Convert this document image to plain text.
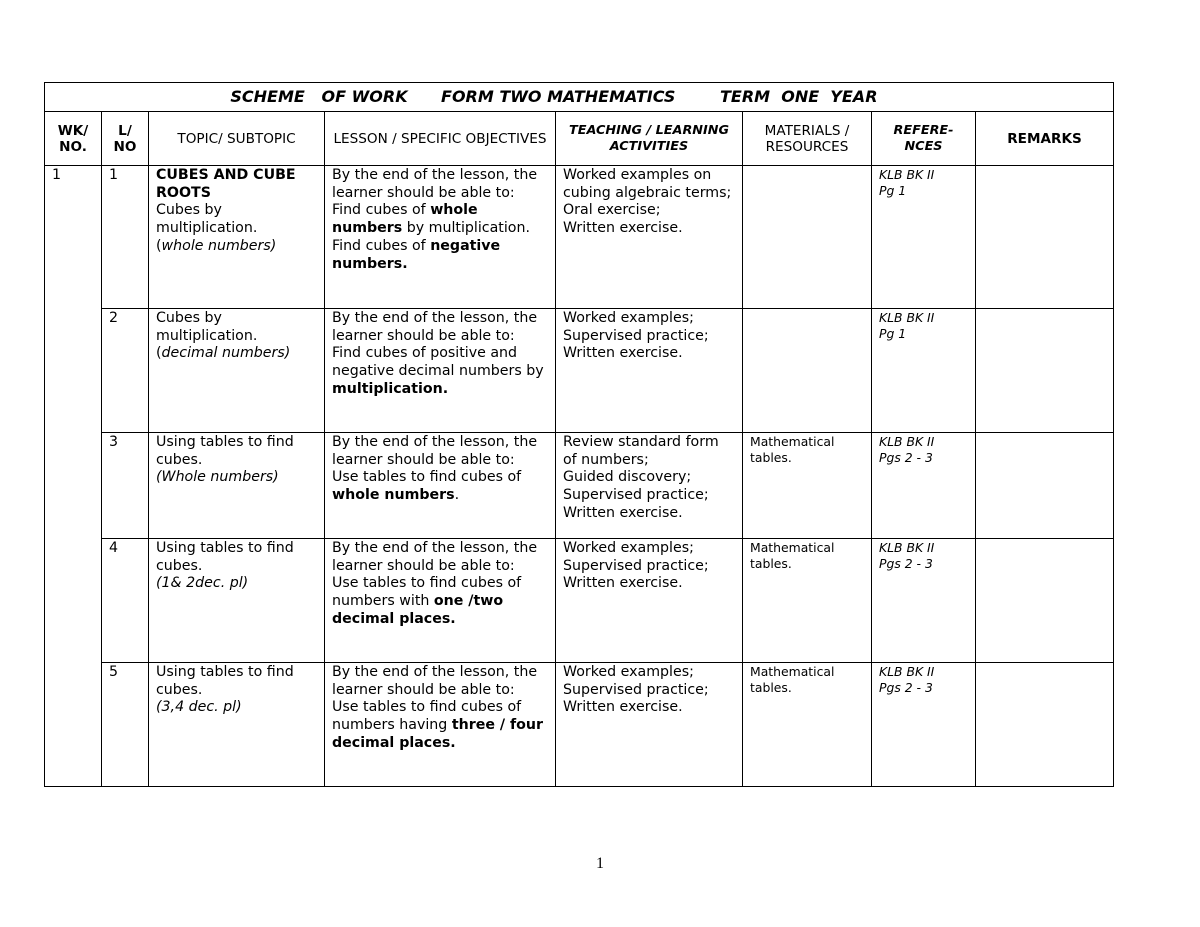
SCHEME   OF WORK FORM TWO MATHEMATICS TERM  ONE  YEAR							
WK/ NO.	L/ NO	TOPIC/ SUBTOPIC	LESSON / SPECIFIC OBJECTIVES	TEACHING / LEARNING ACTIVITIES	MATERIALS / RESOURCES	REFERE- NCES	REMARKS
1	1	CUBES AND CUBE ROOTS
Cubes by multiplication.
(whole numbers)	By the end of the lesson, the learner should be able to:
Find cubes of whole numbers by multiplication.
Find cubes of negative numbers.	Worked examples on cubing algebraic terms;
Oral exercise;
Written exercise.		KLB BK II
Pg 1	

	2	Cubes by multiplication.
(decimal numbers)	By the end of the lesson, the learner should be able to:
Find cubes of positive and negative decimal numbers by multiplication.	Worked examples;
Supervised practice;
Written exercise.		KLB BK II
Pg 1	

	3	Using tables to find cubes.
(Whole numbers)	By the end of the lesson, the learner should be able to:
Use tables to find cubes of whole numbers.	Review standard form of numbers;
Guided discovery;
Supervised practice;
Written exercise.	Mathematical tables.	KLB BK II
Pgs 2 - 3	

	4	Using tables to find cubes.
(1& 2dec. pl)	By the end of the lesson, the learner should be able to:
Use tables to find cubes of numbers with one /two decimal places.	Worked examples;
Supervised practice;
Written exercise.	Mathematical tables.	KLB BK II
Pgs 2 - 3	

	5	Using tables to find cubes.
(3,4 dec. pl)	By the end of the lesson, the learner should be able to:
Use tables to find cubes of numbers having three / four decimal places.	Worked examples;
Supervised practice;
Written exercise.	Mathematical tables.	KLB BK II
Pgs 2 - 3	

1
